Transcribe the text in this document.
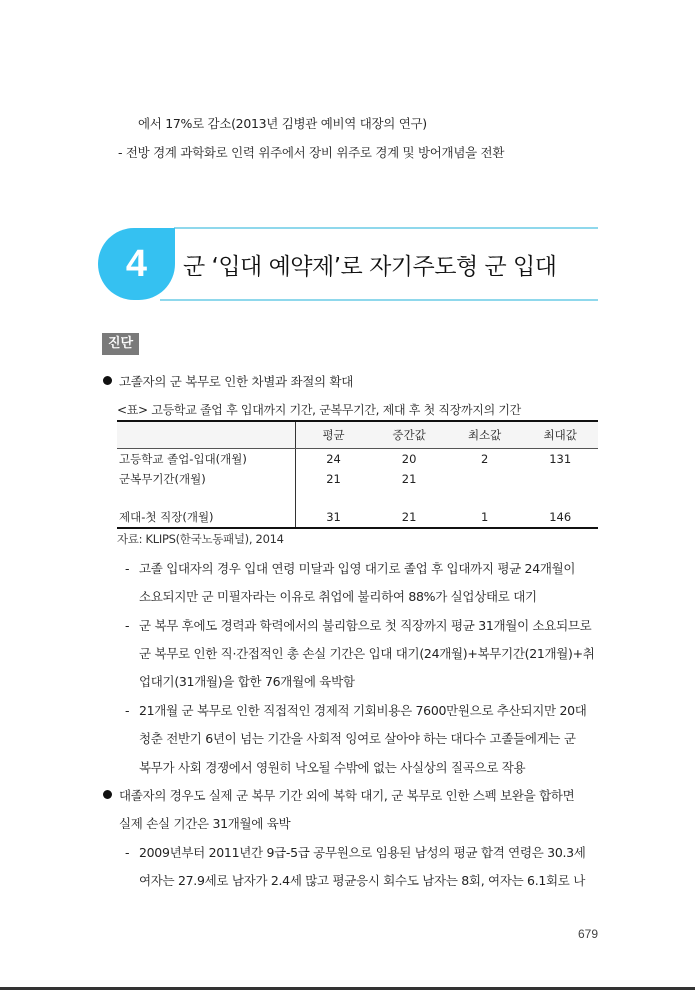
에서 17%로 감소(2013년 김병관 예비역 대장의 연구)
- 전방 경계 과학화로 인력 위주에서 장비 위주로 경계 및 방어개념을 전환
4	군 ‘입대 예약제’로 자기주도형 군 입대
진단
고졸자의 군 복무로 인한 차별과 좌절의 확대
<표> 고등학교 졸업 후 입대까지 기간, 군복무기간, 제대 후 첫 직장까지의 기간
	평균	중간값	최소값	최대값
고등학교 졸업-입대(개월)	24	20	2	131
군복무기간(개월)	21	21		

제대-첫 직장(개월)	31	21	1	146
자료: KLIPS(한국노동패널), 2014
- 고졸 입대자의 경우 입대 연령 미달과 입영 대기로 졸업 후 입대까지 평균 24개월이
소요되지만 군 미필자라는 이유로 취업에 불리하여 88%가 실업상태로 대기
- 군 복무 후에도 경력과 학력에서의 불리함으로 첫 직장까지 평균 31개월이 소요되므로
군 복무로 인한 직·간접적인 총 손실 기간은 입대 대기(24개월)+복무기간(21개월)+취
업대기(31개월)을 합한 76개월에 육박함
- 21개월 군 복무로 인한 직접적인 경제적 기회비용은 7600만원으로 추산되지만 20대
청춘 전반기 6년이 넘는 기간을 사회적 잉여로 살아야 하는 대다수 고졸들에게는 군
복무가 사회 경쟁에서 영원히 낙오될 수밖에 없는 사실상의 질곡으로 작용
대졸자의 경우도 실제 군 복무 기간 외에 복학 대기, 군 복무로 인한 스펙 보완을 합하면
실제 손실 기간은 31개월에 육박
- 2009년부터 2011년간 9급-5급 공무원으로 임용된 남성의 평균 합격 연령은 30.3세
여자는 27.9세로 남자가 2.4세 많고 평균응시 회수도 남자는 8회, 여자는 6.1회로 나
679
